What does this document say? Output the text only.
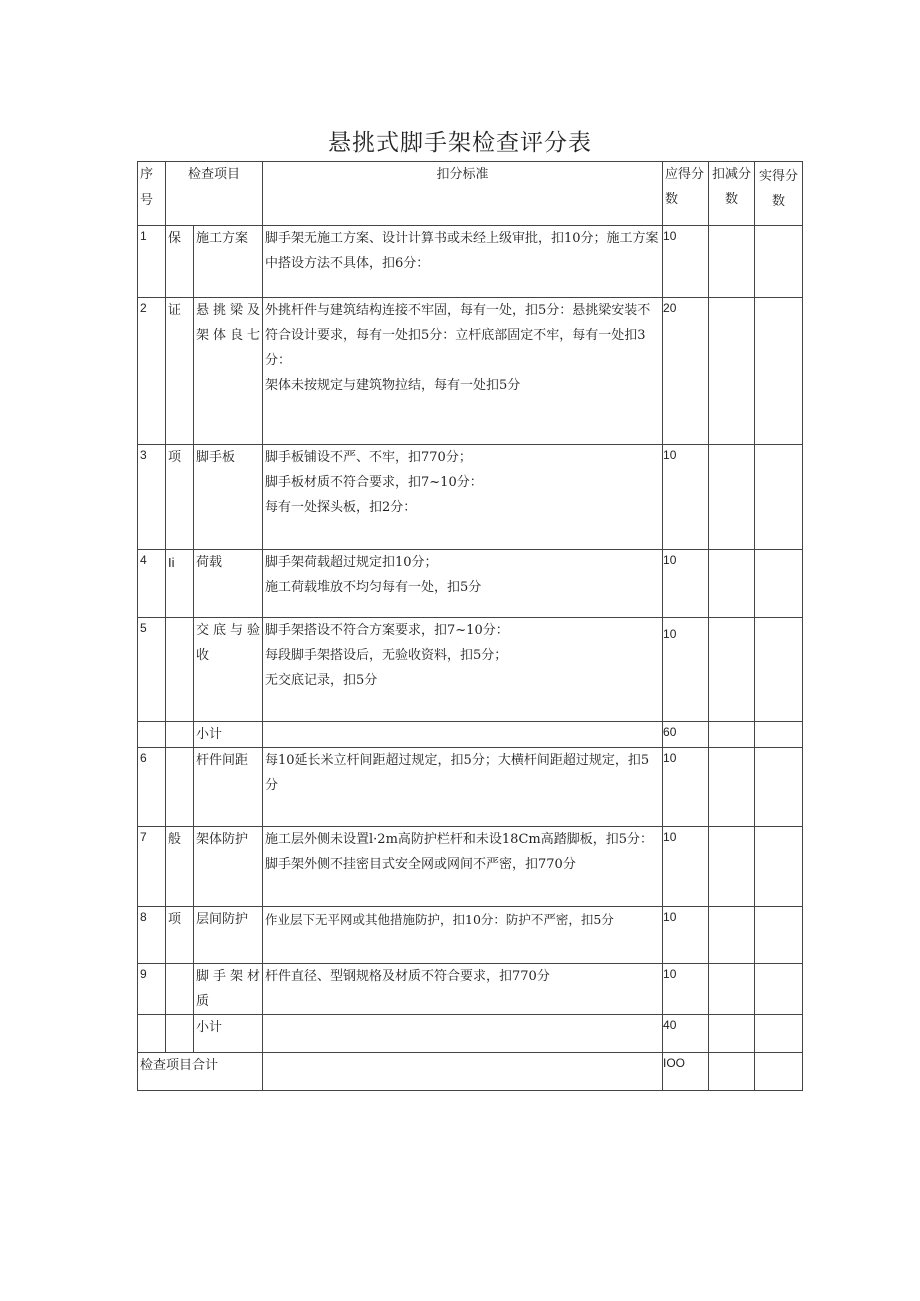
悬挑式脚手架检查评分表
序号	检查项目		扣分标准	应得分数	扣减分数	实得分数
1	保	施工方案	脚手架无施工方案、设计计算书或未经上级审批，扣10分；施工方案中搭设方法不具体，扣6分：	10		
2	证	悬挑梁及架体良七	外挑杆件与建筑结构连接不牢固，每有一处，扣5分：悬挑梁安装不符合设计要求，每有一处扣5分：立杆底部固定不牢，每有一处扣3分：
架体未按规定与建筑物拉结，每有一处扣5分	20		
3	项	脚手板	脚手板铺设不严、不牢，扣770分；
脚手板材质不符合要求，扣7~10分：
每有一处探头板，扣2分：	10		
4	Ii	荷载	脚手架荷载超过规定扣10分；
施工荷载堆放不均匀每有一处，扣5分	10		
5		交底与验收	脚手架搭设不符合方案要求，扣7~10分：
每段脚手架搭设后，无验收资料，扣5分；
无交底记录，扣5分	10		
		小计		60		
6		杆件间距	每10延长米立杆间距超过规定，扣5分；大横杆间距超过规定，扣5分	10		
7	般	架体防护	施工层外侧未设置l·2m高防护栏杆和未设18Cm高踏脚板，扣5分：
脚手架外侧不挂密目式安全网或网间不严密，扣770分	10		
8	项	层间防护	作业层下无平网或其他措施防护，扣10分：防护不严密，扣5分	10		
9		脚手架材质	杆件直径、型钢规格及材质不符合要求，扣770分	10		
		小计		40		
检查项目合计				IOO		
